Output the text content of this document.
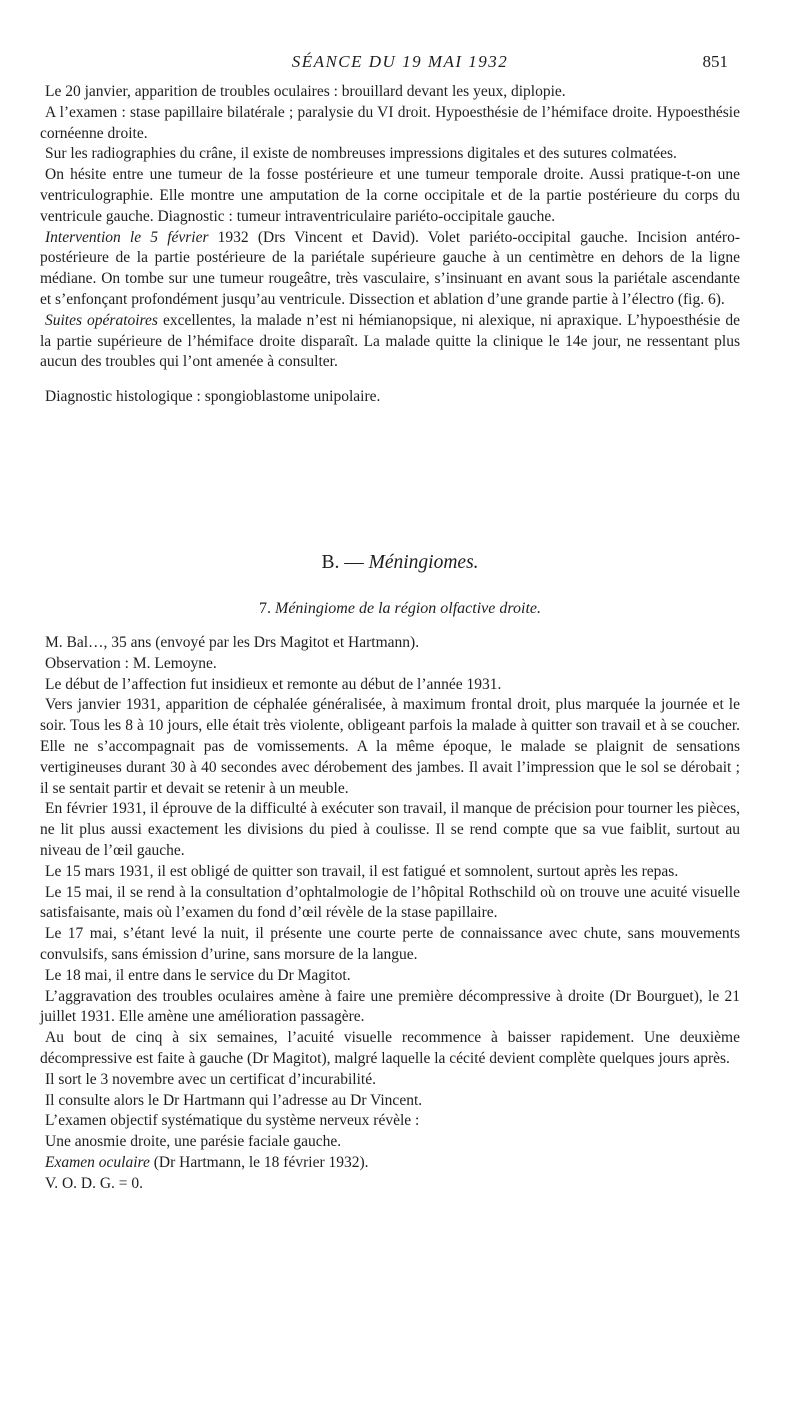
SÉANCE DU 19 MAI 1932	851

Le 20 janvier, apparition de troubles oculaires : brouillard devant les yeux, diplopie.

A l’examen : stase papillaire bilatérale ; paralysie du VI droit. Hypoesthésie de l’hémiface droite. Hypoesthésie cornéenne droite.

Sur les radiographies du crâne, il existe de nombreuses impressions digitales et des sutures colmatées.

On hésite entre une tumeur de la fosse postérieure et une tumeur temporale droite. Aussi pratique-t-on une ventriculographie. Elle montre une amputation de la corne occipitale et de la partie postérieure du corps du ventricule gauche. Diagnostic : tumeur intraventriculaire pariéto-occipitale gauche.

Intervention le 5 février 1932 (Drs Vincent et David). Volet pariéto-occipital gauche. Incision antéro-postérieure de la partie postérieure de la pariétale supérieure gauche à un centimètre en dehors de la ligne médiane. On tombe sur une tumeur rougeâtre, très vasculaire, s’insinuant en avant sous la pariétale ascendante et s’enfonçant profondément jusqu’au ventricule. Dissection et ablation d’une grande partie à l’électro (fig. 6).

Suites opératoires excellentes, la malade n’est ni hémianopsique, ni alexique, ni apraxique. L’hypoesthésie de la partie supérieure de l’hémiface droite disparaît. La malade quitte la clinique le 14e jour, ne ressentant plus aucun des troubles qui l’ont amenée à consulter.

Diagnostic histologique : spongioblastome unipolaire.

B. — Méningiomes.
7. Méningiome de la région olfactive droite.

M. Bal…, 35 ans (envoyé par les Drs Magitot et Hartmann).

Observation : M. Lemoyne.

Le début de l’affection fut insidieux et remonte au début de l’année 1931.

Vers janvier 1931, apparition de céphalée généralisée, à maximum frontal droit, plus marquée la journée et le soir. Tous les 8 à 10 jours, elle était très violente, obligeant parfois la malade à quitter son travail et à se coucher. Elle ne s’accompagnait pas de vomissements. A la même époque, le malade se plaignit de sensations vertigineuses durant 30 à 40 secondes avec dérobement des jambes. Il avait l’impression que le sol se dérobait ; il se sentait partir et devait se retenir à un meuble.

En février 1931, il éprouve de la difficulté à exécuter son travail, il manque de précision pour tourner les pièces, ne lit plus aussi exactement les divisions du pied à coulisse. Il se rend compte que sa vue faiblit, surtout au niveau de l’œil gauche.

Le 15 mars 1931, il est obligé de quitter son travail, il est fatigué et somnolent, surtout après les repas.

Le 15 mai, il se rend à la consultation d’ophtalmologie de l’hôpital Rothschild où on trouve une acuité visuelle satisfaisante, mais où l’examen du fond d’œil révèle de la stase papillaire.

Le 17 mai, s’étant levé la nuit, il présente une courte perte de connaissance avec chute, sans mouvements convulsifs, sans émission d’urine, sans morsure de la langue.

Le 18 mai, il entre dans le service du Dr Magitot.

L’aggravation des troubles oculaires amène à faire une première décompressive à droite (Dr Bourguet), le 21 juillet 1931. Elle amène une amélioration passagère.

Au bout de cinq à six semaines, l’acuité visuelle recommence à baisser rapidement. Une deuxième décompressive est faite à gauche (Dr Magitot), malgré laquelle la cécité devient complète quelques jours après.

Il sort le 3 novembre avec un certificat d’incurabilité.

Il consulte alors le Dr Hartmann qui l’adresse au Dr Vincent.

L’examen objectif systématique du système nerveux révèle :

Une anosmie droite, une parésie faciale gauche.

Examen oculaire (Dr Hartmann, le 18 février 1932).

V. O. D. G. = 0.
